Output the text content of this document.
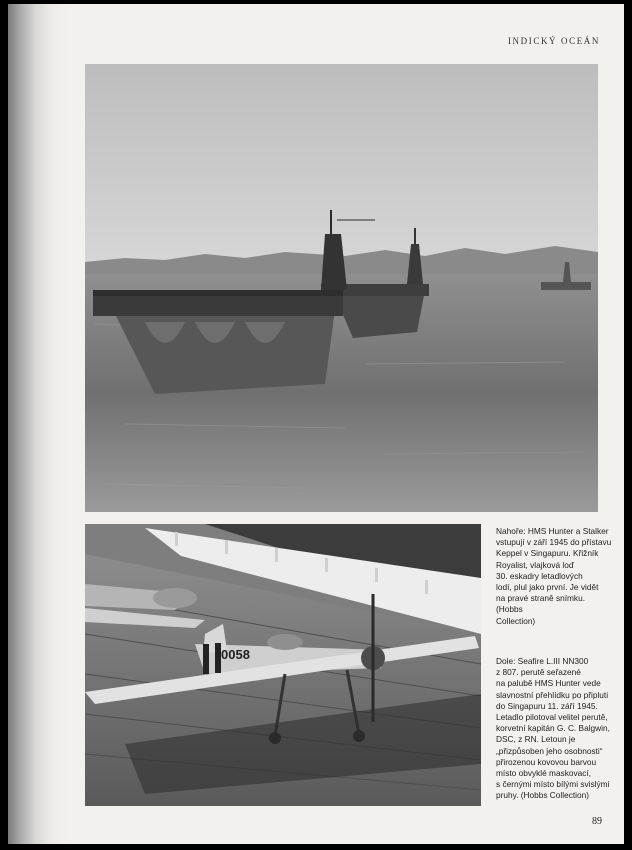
INDICKÝ OCEÁN
0058

Nahoře: HMS Hunter a Stalker
vstupují v září 1945 do přístavu
Keppel v Singapuru. Křižník
Royalist, vlajková loď
30. eskadry letadlových
lodí, plul jako první. Je vidět
na pravé straně snímku. (Hobbs
Collection)

Dole: Seafire L.III NN300
z 807. perutě seřazené
na palubě HMS Hunter vede
slavnostní přehlídku po připluti
do Singapuru 11. září 1945.
Letadlo pilotoval velitel perutě,
korvetní kapitán G. C. Balgwin,
DSC, z RN. Letoun je
„přizpůsoben jeho osobnosti“
přirozenou kovovou barvou
místo obvyklé maskovací,
s černými místo bílými svislými
pruhy. (Hobbs Collection)

89
